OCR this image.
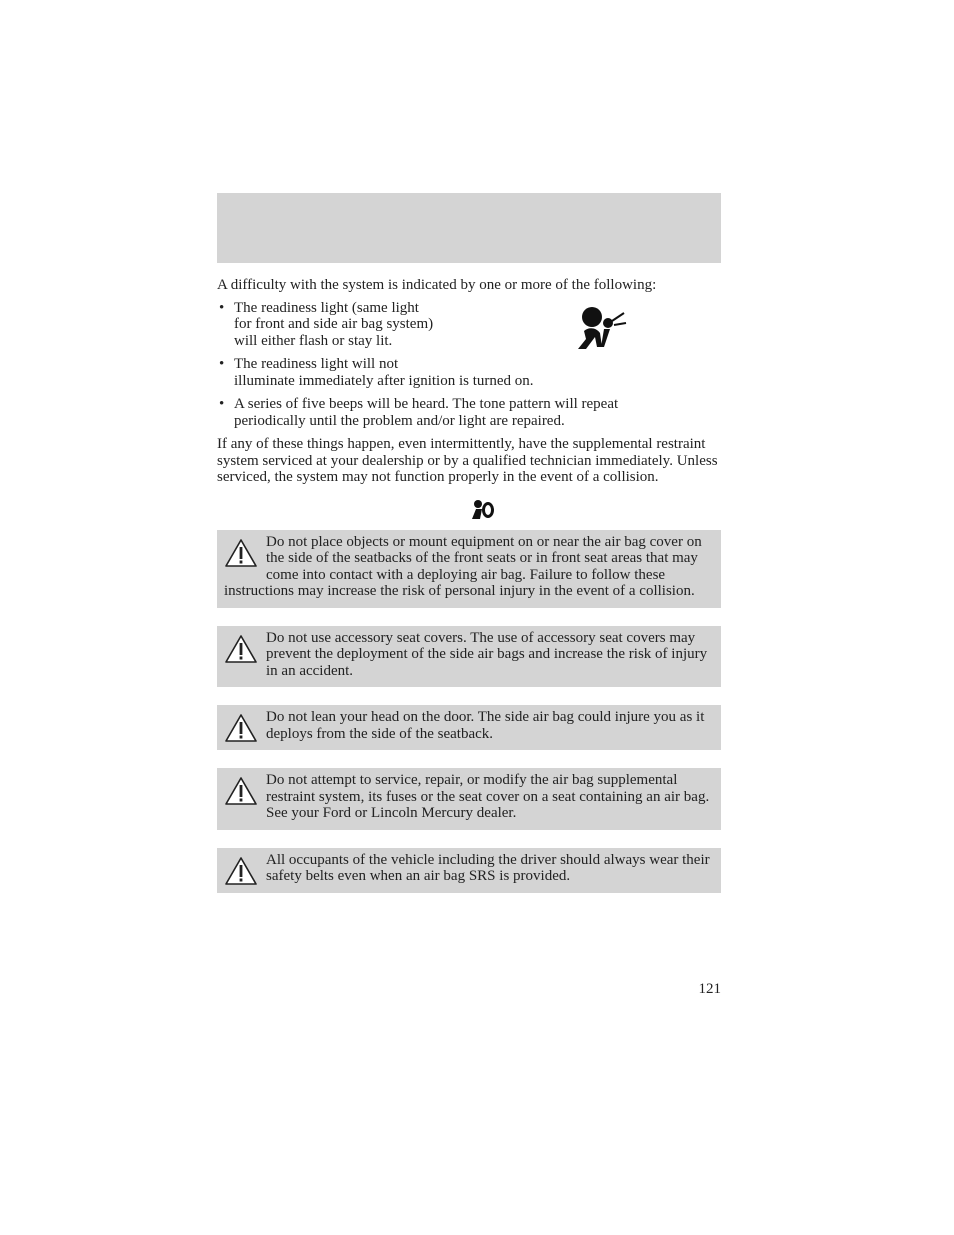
A difficulty with the system is indicated by one or more of the following:

• The readiness light (same light
for front and side air bag system)
will either flash or stay lit.
• The readiness light will not
illuminate immediately after ignition is turned on.
• A series of five beeps will be heard. The tone pattern will repeat
periodically until the problem and/or light are repaired.

If any of these things happen, even intermittently, have the supplemental restraint system serviced at your dealership or by a qualified technician immediately. Unless serviced, the system may not function properly in the event of a collision.

Do not place objects or mount equipment on or near the air bag cover on the side of the seatbacks of the front seats or in front seat areas that may come into contact with a deploying air bag. Failure to follow these instructions may increase the risk of personal injury in the event of a collision.
Do not use accessory seat covers. The use of accessory seat covers may prevent the deployment of the side air bags and increase the risk of injury in an accident.
Do not lean your head on the door. The side air bag could injure you as it deploys from the side of the seatback.
Do not attempt to service, repair, or modify the air bag supplemental restraint system, its fuses or the seat cover on a seat containing an air bag. See your Ford or Lincoln Mercury dealer.
All occupants of the vehicle including the driver should always wear their safety belts even when an air bag SRS is provided.
121
